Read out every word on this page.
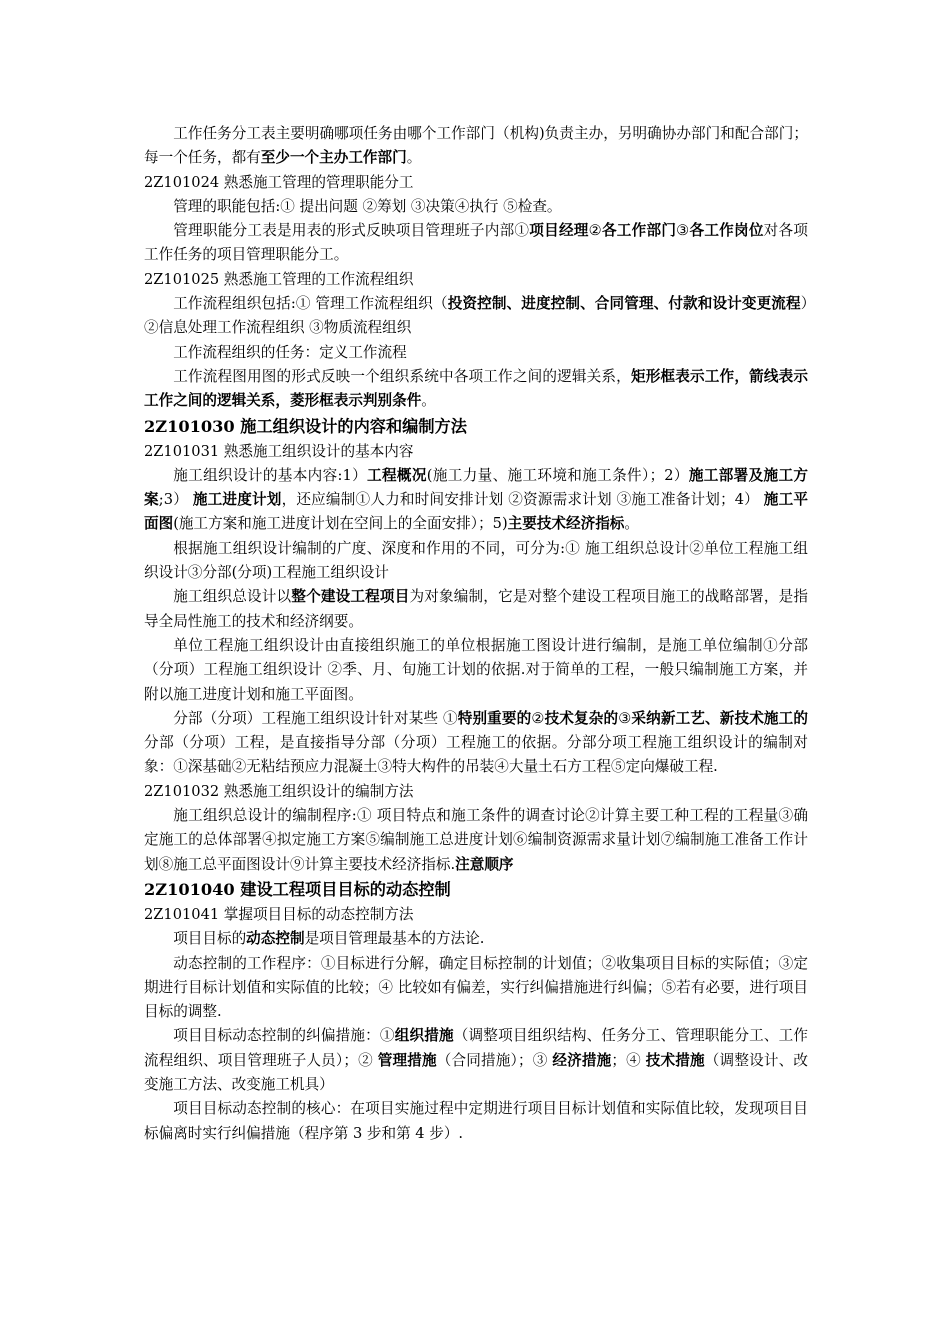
工作任务分工表主要明确哪项任务由哪个工作部门（机构)负责主办，另明确协办部门和配合部门；每一个任务，都有至少一个主办工作部门。

2Z101024 熟悉施工管理的管理职能分工

管理的职能包括:① 提出问题 ②筹划 ③决策④执行 ⑤检查。

管理职能分工表是用表的形式反映项目管理班子内部①项目经理②各工作部门③各工作岗位对各项工作任务的项目管理职能分工。

2Z101025 熟悉施工管理的工作流程组织

工作流程组织包括:① 管理工作流程组织（投资控制、进度控制、合同管理、付款和设计变更流程）②信息处理工作流程组织 ③物质流程组织

工作流程组织的任务：定义工作流程

工作流程图用图的形式反映一个组织系统中各项工作之间的逻辑关系，矩形框表示工作，箭线表示工作之间的逻辑关系，菱形框表示判别条件。

2Z101030 施工组织设计的内容和编制方法

2Z101031 熟悉施工组织设计的基本内容

施工组织设计的基本内容:1）工程概况(施工力量、施工环境和施工条件）；2）施工部署及施工方案;3） 施工进度计划，还应编制①人力和时间安排计划 ②资源需求计划 ③施工准备计划；4） 施工平面图(施工方案和施工进度计划在空间上的全面安排）；5)主要技术经济指标。

根据施工组织设计编制的广度、深度和作用的不同，可分为:① 施工组织总设计②单位工程施工组织设计③分部(分项)工程施工组织设计

施工组织总设计以整个建设工程项目为对象编制，它是对整个建设工程项目施工的战略部署，是指导全局性施工的技术和经济纲要。

单位工程施工组织设计由直接组织施工的单位根据施工图设计进行编制，是施工单位编制①分部（分项）工程施工组织设计 ②季、月、旬施工计划的依据.对于简单的工程，一般只编制施工方案，并附以施工进度计划和施工平面图。

分部（分项）工程施工组织设计针对某些 ①特别重要的②技术复杂的③采纳新工艺、新技术施工的分部（分项）工程，是直接指导分部（分项）工程施工的依据。分部分项工程施工组织设计的编制对象：①深基础②无粘结预应力混凝土③特大构件的吊装④大量土石方工程⑤定向爆破工程.

2Z101032 熟悉施工组织设计的编制方法

施工组织总设计的编制程序:① 项目特点和施工条件的调查讨论②计算主要工种工程的工程量③确定施工的总体部署④拟定施工方案⑤编制施工总进度计划⑥编制资源需求量计划⑦编制施工准备工作计划⑧施工总平面图设计⑨计算主要技术经济指标.注意顺序

2Z101040 建设工程项目目标的动态控制

2Z101041 掌握项目目标的动态控制方法

项目目标的动态控制是项目管理最基本的方法论.

动态控制的工作程序：①目标进行分解，确定目标控制的计划值；②收集项目目标的实际值；③定期进行目标计划值和实际值的比较；④ 比较如有偏差，实行纠偏措施进行纠偏；⑤若有必要，进行项目目标的调整.

项目目标动态控制的纠偏措施：①组织措施（调整项目组织结构、任务分工、管理职能分工、工作流程组织、项目管理班子人员）；② 管理措施（合同措施）；③ 经济措施；④ 技术措施（调整设计、改变施工方法、改变施工机具）

项目目标动态控制的核心：在项目实施过程中定期进行项目目标计划值和实际值比较，发现项目目标偏离时实行纠偏措施（程序第 3 步和第 4 步）.
